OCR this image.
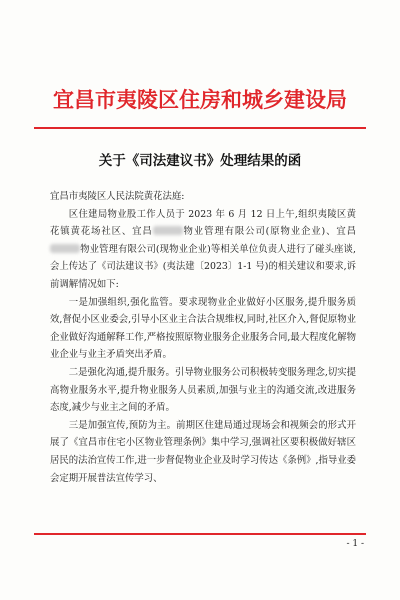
宜昌市夷陵区住房和城乡建设局
关于《司法建议书》处理结果的函

宜昌市夷陵区人民法院黄花法庭:

区住建局物业股工作人员于 2023 年 6 月 12 日上午,组织夷陵区黄花镇黄花场社区、宜昌	物业管理有限公司(原物业企业)、宜昌物业管理有限公司(现物业企业)等相关单位负责人进行了碰头座谈,会上传达了《司法建议书》(夷法建〔2023〕1-1 号)的相关建议和要求,诉前调解情况如下:

一是加强组织,强化监管。要求现物业企业做好小区服务,提升服务质效,督促小区业委会,引导小区业主合法合规维权,同时,社区介入,督促原物业企业做好沟通解释工作,严格按照原物业服务企业服务合同,最大程度化解物业企业与业主矛盾突出矛盾。

二是强化沟通,提升服务。引导物业服务公司积极转变服务理念,切实提高物业服务水平,提升物业服务人员素质,加强与业主的沟通交流,改进服务态度,减少与业主之间的矛盾。

三是加强宣传,预防为主。前期区住建局通过现场会和视频会的形式开展了《宜昌市住宅小区物业管理条例》集中学习,强调社区要积极做好辖区居民的法治宣传工作,进一步督促物业企业及时学习传达《条例》,指导业委会定期开展普法宣传学习、

- 1 -
